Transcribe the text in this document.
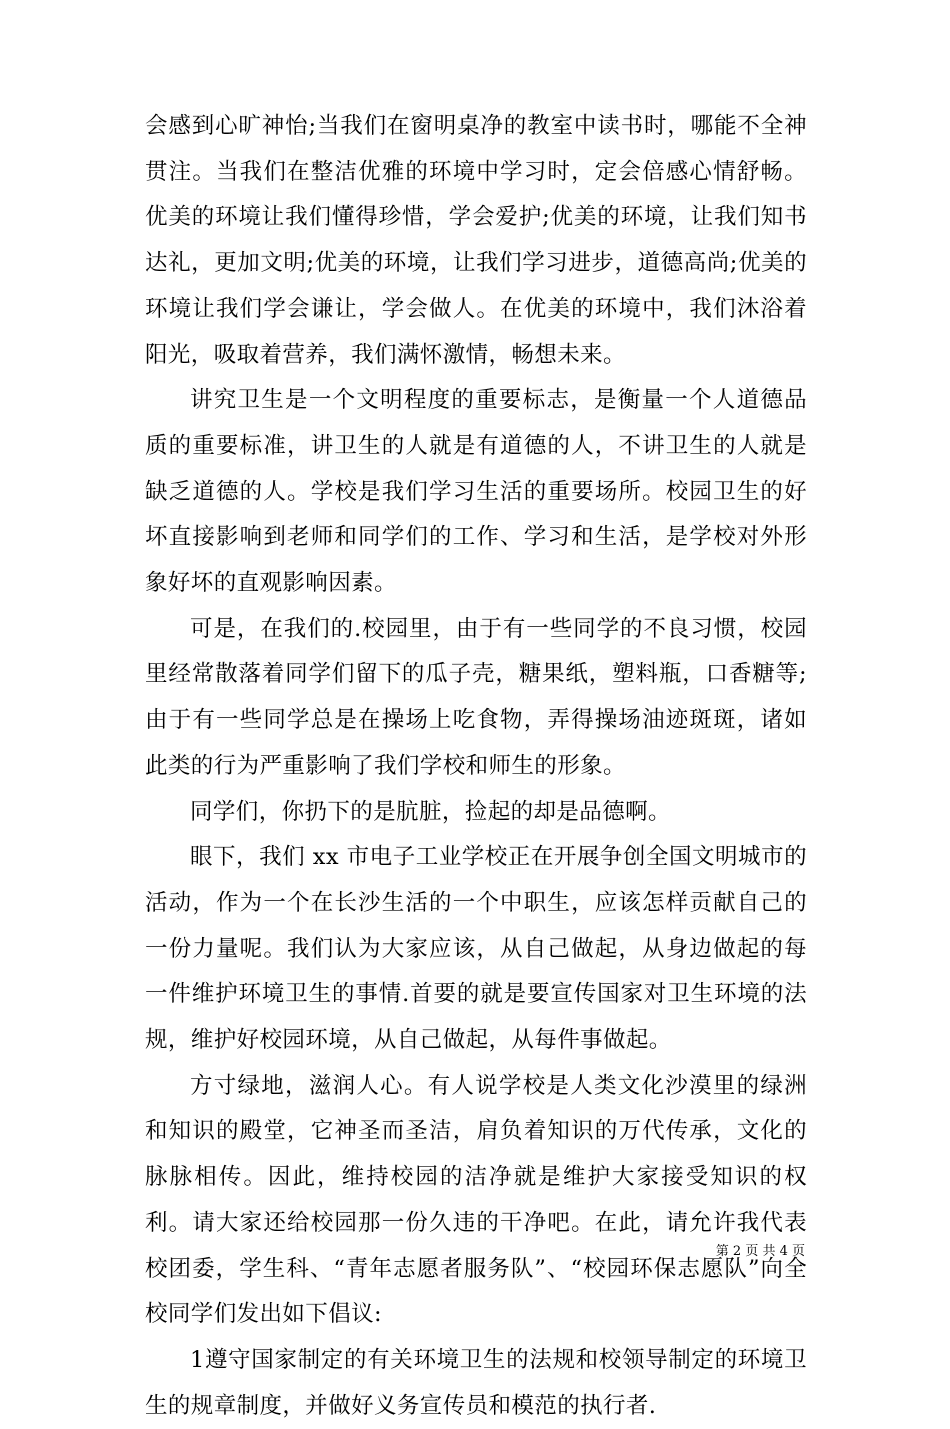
会感到心旷神怡;当我们在窗明桌净的教室中读书时，哪能不全神贯注。当我们在整洁优雅的环境中学习时，定会倍感心情舒畅。优美的环境让我们懂得珍惜，学会爱护;优美的环境，让我们知书达礼，更加文明;优美的环境，让我们学习进步，道德高尚;优美的环境让我们学会谦让，学会做人。在优美的环境中，我们沐浴着阳光，吸取着营养，我们满怀激情，畅想未来。

讲究卫生是一个文明程度的重要标志，是衡量一个人道德品质的重要标准，讲卫生的人就是有道德的人，不讲卫生的人就是缺乏道德的人。学校是我们学习生活的重要场所。校园卫生的好坏直接影响到老师和同学们的工作、学习和生活，是学校对外形象好坏的直观影响因素。

可是，在我们的.校园里，由于有一些同学的不良习惯，校园里经常散落着同学们留下的瓜子壳，糖果纸，塑料瓶，口香糖等;由于有一些同学总是在操场上吃食物，弄得操场油迹斑斑，诸如此类的行为严重影响了我们学校和师生的形象。

同学们，你扔下的是肮脏，捡起的却是品德啊。

眼下，我们 xx 市电子工业学校正在开展争创全国文明城市的活动，作为一个在长沙生活的一个中职生，应该怎样贡献自己的一份力量呢。我们认为大家应该，从自己做起，从身边做起的每一件维护环境卫生的事情.首要的就是要宣传国家对卫生环境的法规，维护好校园环境，从自己做起，从每件事做起。

方寸绿地，滋润人心。有人说学校是人类文化沙漠里的绿洲和知识的殿堂，它神圣而圣洁，肩负着知识的万代传承，文化的脉脉相传。因此，维持校园的洁净就是维护大家接受知识的权利。请大家还给校园那一份久违的干净吧。在此，请允许我代表校团委，学生科、“青年志愿者服务队”、“校园环保志愿队”向全校同学们发出如下倡议:

1遵守国家制定的有关环境卫生的法规和校领导制定的环境卫生的规章制度，并做好义务宣传员和模范的执行者.

第 2 页 共 4 页
